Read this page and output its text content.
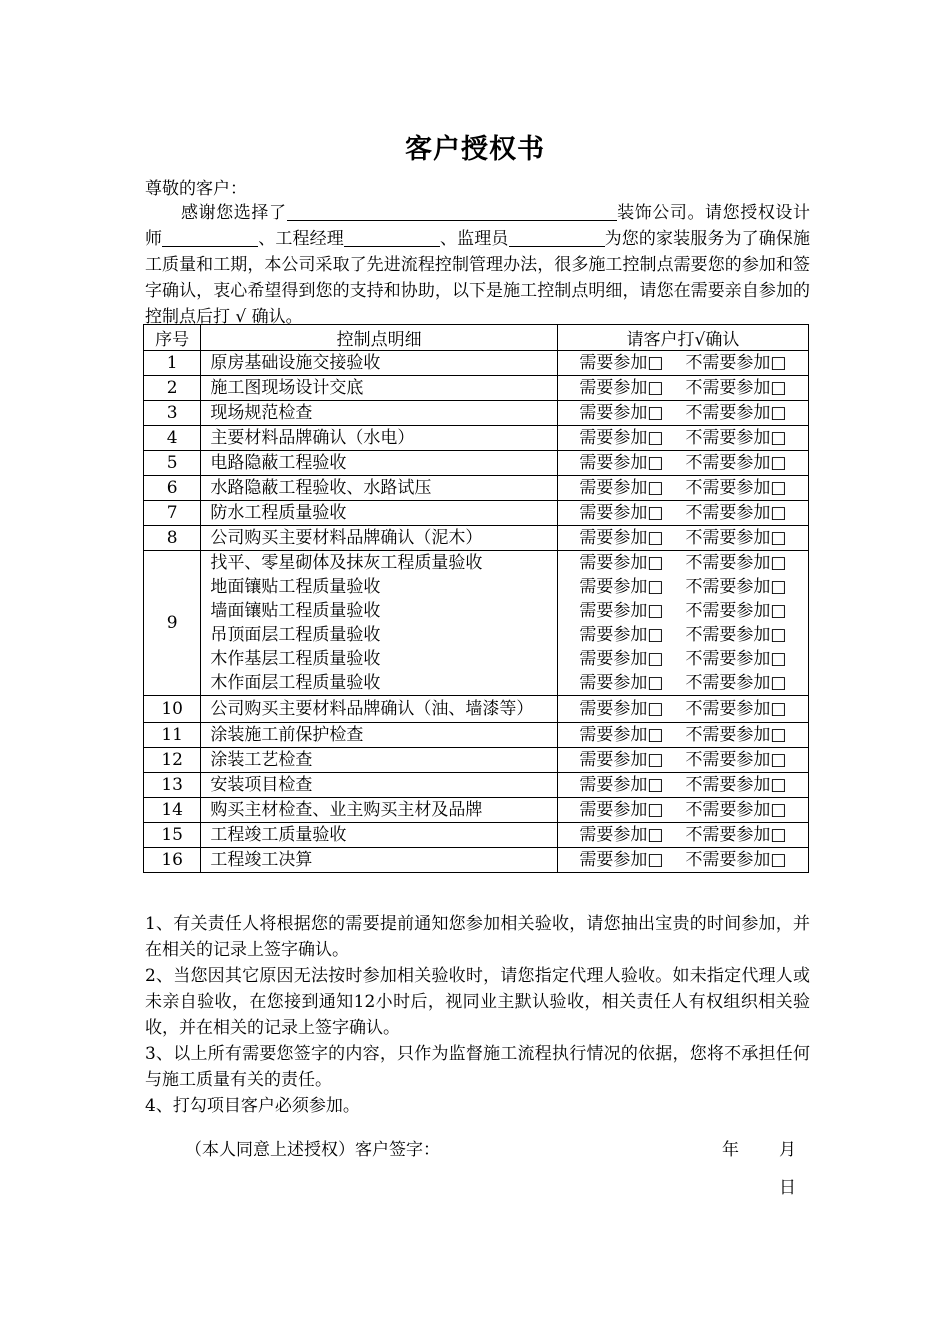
客户授权书
尊敬的客户：
感谢您选择了	装饰公司。请您授权设计师	、工程经理	、监理员	为您的家装服务为了确保施工质量和工期，本公司采取了先进流程控制管理办法，很多施工控制点需要您的参加和签字确认，衷心希望得到您的支持和协助，以下是施工控制点明细，请您在需要亲自参加的控制点后打 √ 确认。
序号	控制点明细	请客户打√确认
1	原房基础设施交接验收	需要参加□ 不需要参加□
2	施工图现场设计交底	需要参加□ 不需要参加□
3	现场规范检查	需要参加□ 不需要参加□
4	主要材料品牌确认（水电）	需要参加□ 不需要参加□
5	电路隐蔽工程验收	需要参加□ 不需要参加□
6	水路隐蔽工程验收、水路试压	需要参加□ 不需要参加□
7	防水工程质量验收	需要参加□ 不需要参加□
8	公司购买主要材料品牌确认（泥木）	需要参加□ 不需要参加□
9	找平、零星砌体及抹灰工程质量验收	需要参加□ 不需要参加□
	地面镶贴工程质量验收	需要参加□ 不需要参加□
	墙面镶贴工程质量验收	需要参加□ 不需要参加□
	吊顶面层工程质量验收	需要参加□ 不需要参加□
	木作基层工程质量验收	需要参加□ 不需要参加□
	木作面层工程质量验收	需要参加□ 不需要参加□
10	公司购买主要材料品牌确认（油、墙漆等）	需要参加□ 不需要参加□
11	涂装施工前保护检查	需要参加□ 不需要参加□
12	涂装工艺检查	需要参加□ 不需要参加□
13	安装项目检查	需要参加□ 不需要参加□
14	购买主材检查、业主购买主材及品牌	需要参加□ 不需要参加□
15	工程竣工质量验收	需要参加□ 不需要参加□
16	工程竣工决算	需要参加□ 不需要参加□

1、有关责任人将根据您的需要提前通知您参加相关验收，请您抽出宝贵的时间参加，并在相关的记录上签字确认。

2、当您因其它原因无法按时参加相关验收时，请您指定代理人验收。如未指定代理人或未亲自验收，在您接到通知12小时后，视同业主默认验收，相关责任人有权组织相关验收，并在相关的记录上签字确认。

3、以上所有需要您签字的内容，只作为监督施工流程执行情况的依据，您将不承担任何与施工质量有关的责任。

4、打勾项目客户必须参加。

（本人同意上述授权）客户签字：	年 月
日
